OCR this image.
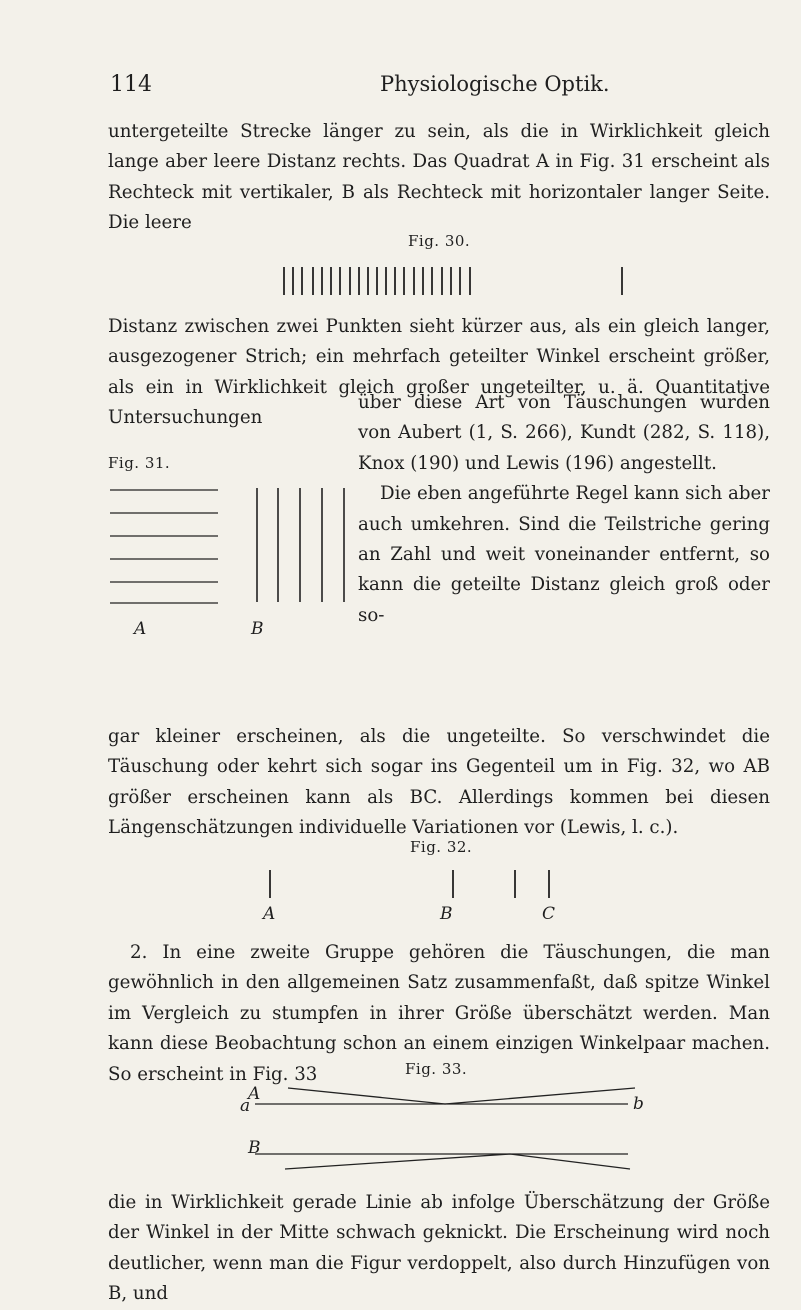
114	Physiologische Optik.

untergeteilte Strecke länger zu sein, als die in Wirklichkeit gleich lange aber leere Distanz rechts. Das Quadrat A in Fig. 31 erscheint als Rechteck mit vertikaler, B als Rechteck mit horizontaler langer Seite. Die leere

Fig. 30.

Distanz zwischen zwei Punkten sieht kürzer aus, als ein gleich langer, ausgezogener Strich; ein mehrfach geteilter Winkel erscheint größer, als ein in Wirklichkeit gleich großer ungeteilter, u. ä. Quantitative Untersuchungen

Fig. 31.
A	B

über diese Art von Täuschungen wurden von Aubert (1, S. 266), Kundt (282, S. 118), Knox (190) und Lewis (196) angestellt.

Die eben angeführte Regel kann sich aber auch umkehren. Sind die Teilstriche gering an Zahl und weit voneinander entfernt, so kann die geteilte Distanz gleich groß oder so-

gar kleiner erscheinen, als die ungeteilte. So verschwindet die Täuschung oder kehrt sich sogar ins Gegenteil um in Fig. 32, wo AB größer erscheinen kann als BC. Allerdings kommen bei diesen Längenschätzungen individuelle Variationen vor (Lewis, l. c.).

Fig. 32.
A	B	C

2. In eine zweite Gruppe gehören die Täuschungen, die man gewöhnlich in den allgemeinen Satz zusammenfaßt, daß spitze Winkel im Vergleich zu stumpfen in ihrer Größe überschätzt werden. Man kann diese Beobachtung schon an einem einzigen Winkelpaar machen. So erscheint in Fig. 33	Fig. 33.
A
a	b
B

die in Wirklichkeit gerade Linie ab infolge Überschätzung der Größe der Winkel in der Mitte schwach geknickt. Die Erscheinung wird noch deutlicher, wenn man die Figur verdoppelt, also durch Hinzufügen von B, und
